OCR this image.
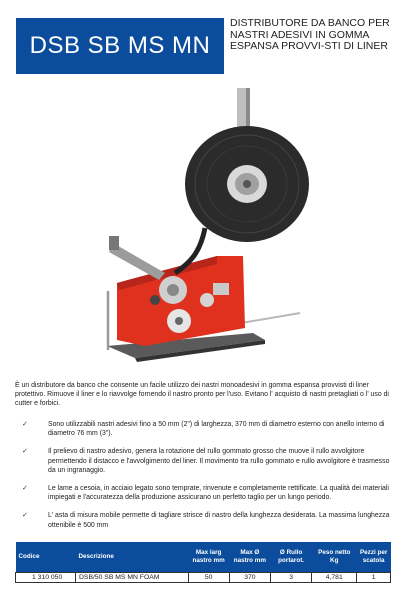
DSB SB MS MN
DISTRIBUTORE DA BANCO PER NASTRI ADESIVI IN GOMMA ESPANSA PROVVI-STI DI LINER
È un distributore da banco che consente un facile utilizzo dei nastri monoadesivi in gomma espansa provvisti di liner protettivo. Rimuove il liner e lo riavvolge fornendo il nastro pronto per l'uso. Evitano l' acquisto di nastri pretagliati o l' uso di cutter e forbici.
✓	Sono utilizzabili nastri adesivi fino a 50 mm (2") di larghezza, 370 mm di diametro esterno con anello interno di diametro 76 mm (3").
✓	Il prelievo di nastro adesivo, genera la rotazione del rullo gommato grosso che muove il rullo avvolgitore permettendo il distacco e l'avvolgimento del liner. Il movimento tra rullo gommato e rullo avvolgitore è trasmesso da un ingranaggio.
✓	Le lame a cesoia, in acciaio legato sono temprate, rinvenute e completamente rettificate. La qualità dei materiali impiegati e l'accuratezza della produzione assicurano un perfetto taglio per un lungo periodo.
✓	L' asta di misura mobile permette di tagliare strisce di nastro della lunghezza desiderata. La massima lunghezza ottenibile è 500 mm
Codice	Descrizione	Max larg nastro mm	Max Ø nastro mm	Ø Rullo portarot.	Peso netto Kg	Pezzi per scatola
1 310 050	DSB/50 SB MS MN FOAM	50	370	3	4,781	1
